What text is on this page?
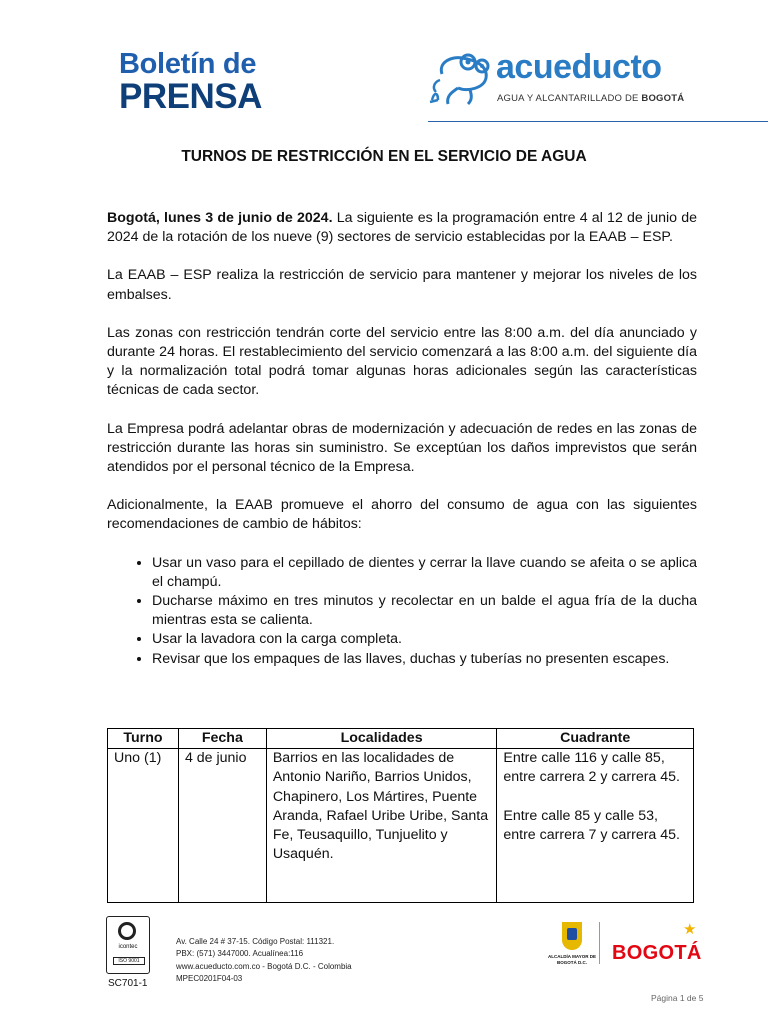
Boletín de
PRENSA
acueducto
AGUA Y ALCANTARILLADO DE BOGOTÁ
TURNOS DE RESTRICCIÓN EN EL SERVICIO DE AGUA

Bogotá, lunes 3 de junio de 2024. La siguiente es la programación entre 4 al 12 de junio de 2024 de la rotación de los nueve (9) sectores de servicio establecidas por la EAAB – ESP.

La EAAB – ESP realiza la restricción de servicio para mantener y mejorar los niveles de los embalses.

Las zonas con restricción tendrán corte del servicio entre las 8:00 a.m. del día anunciado y durante 24 horas. El restablecimiento del servicio comenzará a las 8:00 a.m. del siguiente día y la normalización total podrá tomar algunas horas adicionales según las características técnicas de cada sector.

La Empresa podrá adelantar obras de modernización y adecuación de redes en las zonas de restricción durante las horas sin suministro. Se exceptúan los daños imprevistos que serán atendidos por el personal técnico de la Empresa.

Adicionalmente, la EAAB promueve el ahorro del consumo de agua con las siguientes recomendaciones de cambio de hábitos:

• Usar un vaso para el cepillado de dientes y cerrar la llave cuando se afeita o se aplica el champú.
• Ducharse máximo en tres minutos y recolectar en un balde el agua fría de la ducha mientras esta se calienta.
• Usar la lavadora con la carga completa.
• Revisar que los empaques de las llaves, duchas y tuberías no presenten escapes.
Turno	Fecha	Localidades	Cuadrante
Uno (1)	4 de junio	Barrios en las localidades de Antonio Nariño, Barrios Unidos, Chapinero, Los Mártires, Puente Aranda, Rafael Uribe Uribe, Santa Fe, Teusaquillo, Tunjuelito y Usaquén.	Entre calle 116 y calle 85, entre carrera 2 y carrera 45.
Entre calle 85 y calle 53, entre carrera 7 y carrera 45.
icontec
ISO 9001
SC701-1
Av. Calle 24 # 37-15. Código Postal: 111321.
PBX: (571) 3447000. Acualínea:116
www.acueducto.com.co - Bogotá D.C. - Colombia
MPEC0201F04-03
ALCALDÍA MAYOR DE BOGOTÁ D.C.	BOGOTÁ
★
Página 1 de 5
